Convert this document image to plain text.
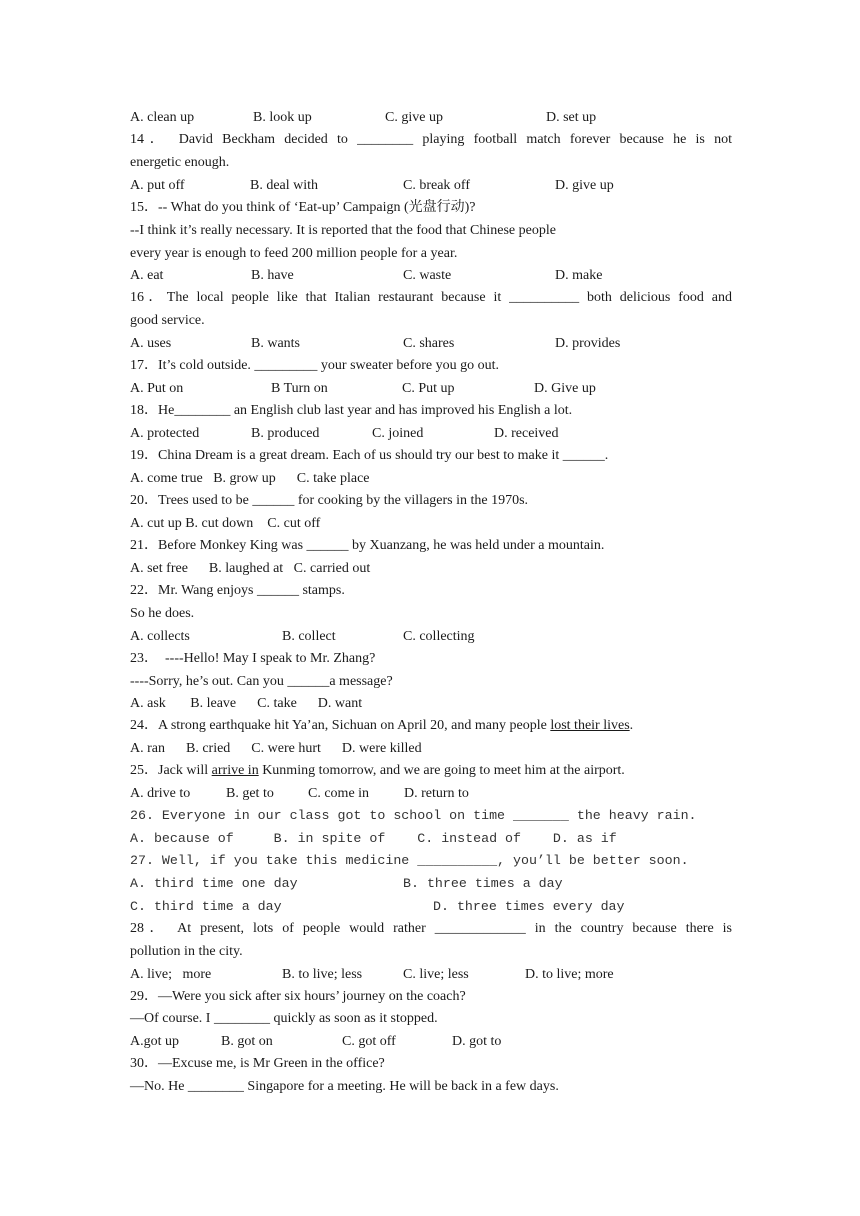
A. clean up

	B. look up

	C. give up

	D. set up

14． David Beckham decided to ________ playing football match forever because he is not
energetic enough.

A. put off

	B. deal with

	C. break off

	D. give up

15．-- What do you think of ‘Eat-up’ Campaign (光盘行动)?
--I think it’s really necessary. It is reported that the food that Chinese people
every year is enough to feed 200 million people for a year.

A. eat

	B. have

	C. waste

	D. make

16．The local people like that Italian restaurant because it __________ both delicious food and
good service.

A. uses

	B. wants

	C. shares

	D. provides

17．It’s cold outside. _________ your sweater before you go out.

A. Put on

	B Turn on

	C. Put up

	D. Give up

18．He________ an English club last year and has improved his English a lot.

A. protected

	B. produced

	C. joined

	D. received

19．China Dream is a great dream. Each of us should try our best to make it ______.
A. come true   B. grow up      C. take place
20．Trees used to be ______ for cooking by the villagers in the 1970s.
A. cut up B. cut down    C. cut off
21．Before Monkey King was ______ by Xuanzang, he was held under a mountain.
A. set free      B. laughed at   C. carried out
22．Mr. Wang enjoys ______ stamps.
So he does.

A. collects

	B. collect

	C. collecting

23．  ----Hello! May I speak to Mr. Zhang?
----Sorry, he’s out. Can you ______a message?
A. ask       B. leave      C. take      D. want
24．A strong earthquake hit Ya’an, Sichuan on April 20, and many people lost their lives.
A. ran      B. cried      C. were hurt      D. were killed
25．Jack will arrive in Kunming tomorrow, and we are going to meet him at the airport.

A. drive to

	B. get to

C. come in

D. return to

26. Everyone in our class got to school on time _______ the heavy rain.
A. because of     B. in spite of    C. instead of    D. as if
27. Well, if you take this medicine __________, you’ll be better soon.

A. third time one day

	B. three times a day

C. third time a day

	D. three times every day

28． At present, lots of people would rather _____________ in the country because there is
pollution in the city.

A. live;   more

	B. to live; less

	C. live; less

	D. to live; more

29．—Were you sick after six hours’ journey on the coach?
—Of course. I ________ quickly as soon as it stopped.

A.got up

	B. got on

	C. got off

	D. got to

30．—Excuse me, is Mr Green in the office?
—No. He ________ Singapore for a meeting. He will be back in a few days.
